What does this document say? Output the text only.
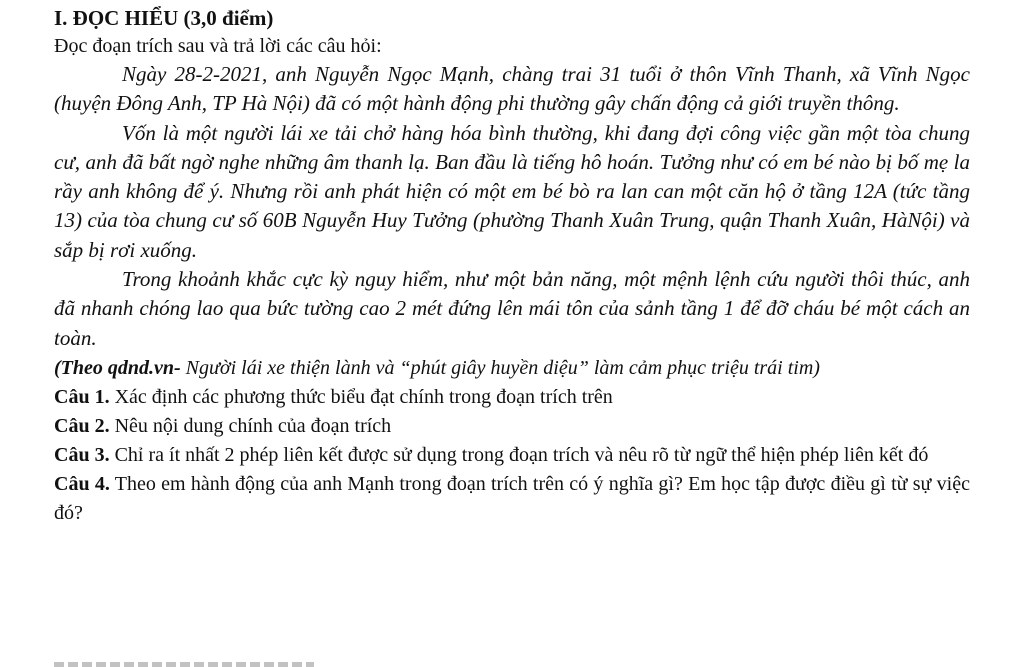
I. ĐỌC HIỂU (3,0 điểm)

Đọc đoạn trích sau và trả lời các câu hỏi:

Ngày 28-2-2021, anh Nguyễn Ngọc Mạnh, chàng trai 31 tuổi ở thôn Vĩnh Thanh, xã Vĩnh Ngọc (huyện Đông Anh, TP Hà Nội) đã có một hành động phi thường gây chấn động cả giới truyền thông.

Vốn là một người lái xe tải chở hàng hóa bình thường, khi đang đợi công việc gần một tòa chung cư, anh đã bất ngờ nghe những âm thanh lạ. Ban đầu là tiếng hô hoán. Tưởng như có em bé nào bị bố mẹ la rầy anh không để ý. Nhưng rồi anh phát hiện có một em bé bò ra lan can một căn hộ ở tầng 12A (tức tầng 13) của tòa chung cư số 60B Nguyễn Huy Tưởng (phường Thanh Xuân Trung, quận Thanh Xuân, HàNội) và sắp bị rơi xuống.

Trong khoảnh khắc cực kỳ nguy hiểm, như một bản năng, một mệnh lệnh cứu người thôi thúc, anh đã nhanh chóng lao qua bức tường cao 2 mét đứng lên mái tôn của sảnh tầng 1 để đỡ cháu bé một cách an toàn.

(Theo qdnd.vn- Người lái xe thiện lành và “phút giây huyền diệu” làm cảm phục triệu trái tim)

Câu 1. Xác định các phương thức biểu đạt chính trong đoạn trích trên

Câu 2. Nêu nội dung chính của đoạn trích

Câu 3. Chỉ ra ít nhất 2 phép liên kết được sử dụng trong đoạn trích và nêu rõ từ ngữ thể hiện phép liên kết đó

Câu 4. Theo em hành động của anh Mạnh trong đoạn trích trên có ý nghĩa gì? Em học tập được điều gì từ sự việc đó?
